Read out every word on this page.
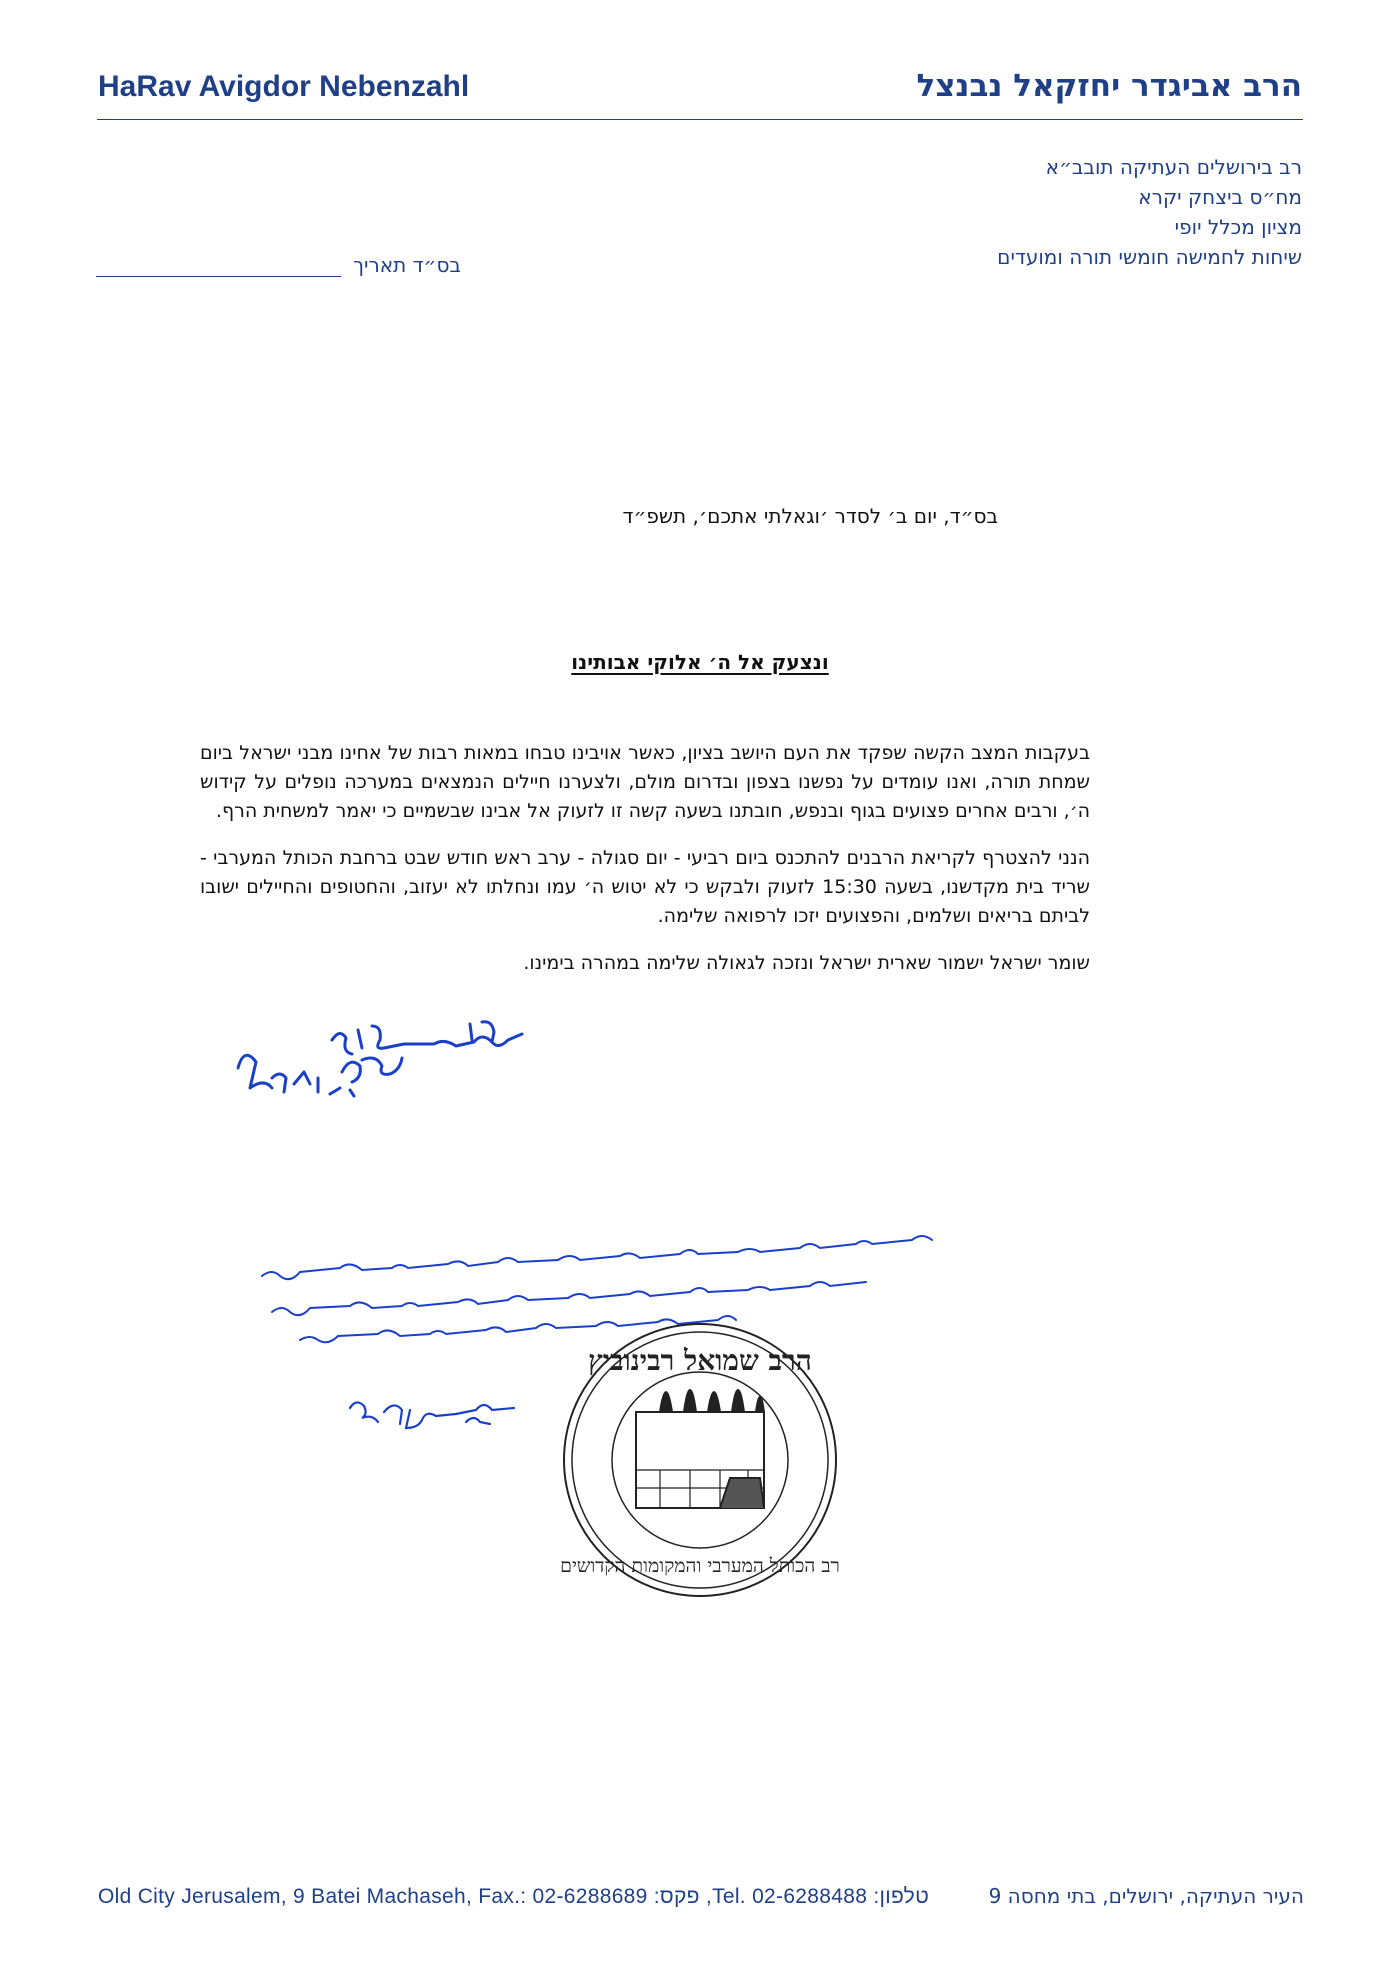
HaRav Avigdor Nebenzahl	הרב אביגדר יחזקאל נבנצל
רב בירושלים העתיקה תובב״א
מח״ס ביצחק יקרא
מציון מכלל יופי
שיחות לחמישה חומשי תורה ומועדים
בס״ד תאריך
בס״ד, יום ב׳ לסדר ׳וגאלתי אתכם׳, תשפ״ד
ונצעק אל ה׳ אלוקי אבותינו

בעקבות המצב הקשה שפקד את העם היושב בציון, כאשר אויבינו טבחו במאות רבות של אחינו מבני ישראל ביום שמחת תורה, ואנו עומדים על נפשנו בצפון ובדרום מולם, ולצערנו חיילים הנמצאים במערכה נופלים על קידוש ה׳, ורבים אחרים פצועים בגוף ובנפש, חובתנו בשעה קשה זו לזעוק אל אבינו שבשמיים כי יאמר למשחית הרף.

הנני להצטרף לקריאת הרבנים להתכנס ביום רביעי - יום סגולה - ערב ראש חודש שבט ברחבת הכותל המערבי - שריד בית מקדשנו, בשעה 15:30 לזעוק ולבקש כי לא יטוש ה׳ עמו ונחלתו לא יעזוב, והחטופים והחיילים ישובו לביתם בריאים ושלמים, והפצועים יזכו לרפואה שלימה.

שומר ישראל ישמור שארית ישראל ונזכה לגאולה שלימה במהרה בימינו.

הרב שמואל רבינוביץ
רב הכותל המערבי והמקומות הקדושים
Old City Jerusalem, 9 Batei Machaseh, Fax.: 02-6288689 :פקס ,Tel. 02-6288488 :טלפון	העיר העתיקה, ירושלים, בתי מחסה 9
